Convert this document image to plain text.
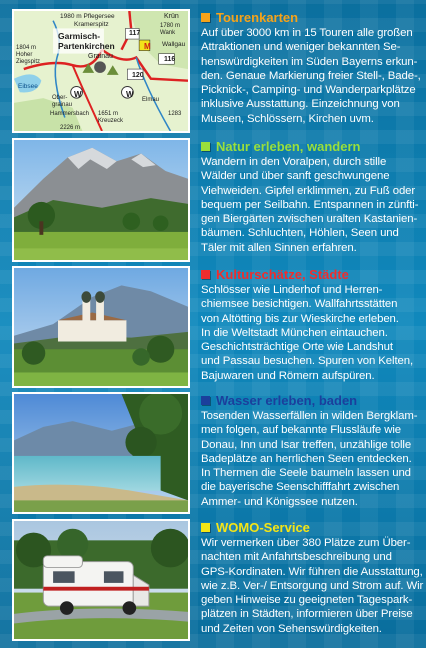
1980 m Pflegersee
Kramerspitz
Garmisch-
Partenkirchen
Grainau
1804 m Hoher Ziegspitz
Krün
1780 m Wank
Wallgau
117
M
116
120
W	W
Eibsee
Ober-grainau
Elmau
Hammersbach 1651 m Kreuzeck
1283
2226 m
Tourenkarten
Auf über 3000 km in 15 Touren alle großen
Attraktionen und weniger bekannten Se-
henswürdigkeiten im Süden Bayerns erkun-
den. Genaue Markierung freier Stell-, Bade-,
Picknick-, Camping- und Wanderparkplätze
inklusive Ausstattung. Einzeichnung von
Museen, Schlössern, Kirchen uvm.
Natur erleben, wandern
Wandern in den Voralpen, durch stille
Wälder und über sanft geschwungene
Viehweiden. Gipfel erklimmen, zu Fuß oder
bequem per Seilbahn. Entspannen in zünfti-
gen Biergärten zwischen uralten Kastanien-
bäumen. Schluchten, Höhlen, Seen und
Täler mit allen Sinnen erfahren.
Kulturschätze, Städte
Schlösser wie Linderhof und Herren-
chiemsee besichtigen. Wallfahrtsstätten
von Altötting bis zur Wieskirche erleben.
In die Weltstadt München eintauchen.
Geschichtsträchtige Orte wie Landshut
und Passau besuchen. Spuren von Kelten,
Bajuwaren und Römern aufspüren.
Wasser erleben, baden
Tosenden Wasserfällen in wilden Bergklam-
men folgen, auf bekannte Flussläufe wie
Donau, Inn und Isar treffen, unzählige tolle
Badeplätze an herrlichen Seen entdecken.
In Thermen die Seele baumeln lassen und
die bayerische Seenschifffahrt zwischen
Ammer- und Königssee nutzen.
WOMO-Service
Wir vermerken über 380 Plätze zum Über-
nachten mit Anfahrtsbeschreibung und
GPS-Kordinaten. Wir führen die Ausstattung,
wie z.B. Ver-/ Entsorgung und Strom auf. Wir
geben Hinweise zu geeigneten Tagespark-
plätzen in Städten, informieren über Preise
und Zeiten von Sehenswürdigkeiten.
